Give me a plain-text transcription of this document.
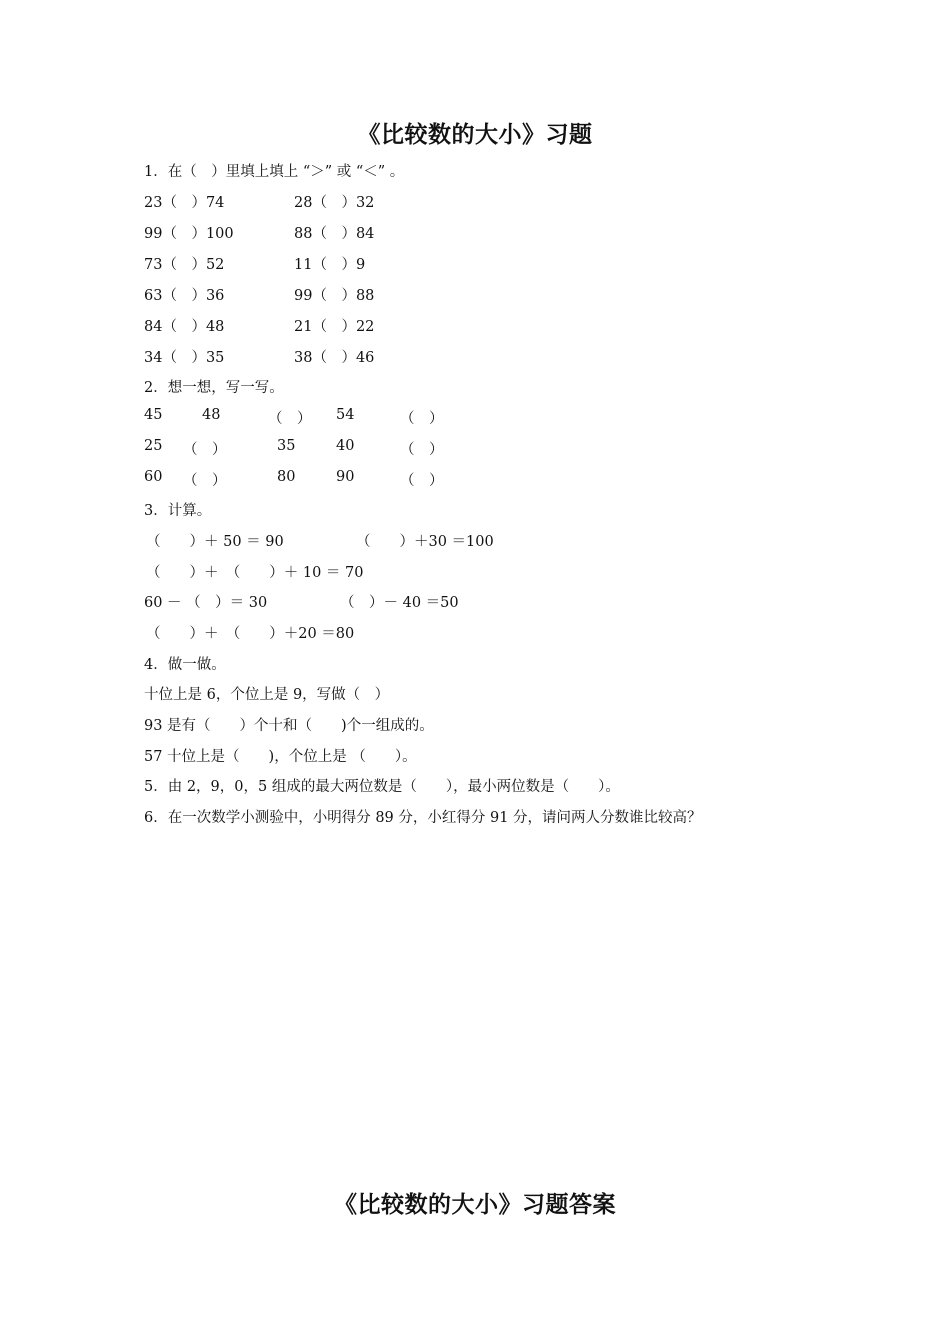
《比较数的大小》习题
1．在（　）里填上填上 “＞” 或 “＜” 。
23（　）74	28（　）32
99（　）100	88（　）84
73（　）52	11（　）9
63（　）36	99（　）88
84（　）48	21（　）22
34（　）35	38（　）46
2．想一想，写一写。
45	48	（　） 54	（　）
25 （　）	35	40	（　）
60 （　）	80	90	（　）
3．计算。
（　　）＋ 50 ＝ 90	（　　）＋30 ＝100
（　　）＋　（　　）＋ 10 ＝ 70
60 － （　）＝ 30	（　）－ 40 ＝50
（　　）＋　（　　）＋20 ＝80
4．做一做。
十位上是 6，个位上是 9，写做（　）
93 是有（　　）个十和（　　)个一组成的。
57 十位上是（　　)，个位上是 （　　）。
5．由 2，9，0，5 组成的最大两位数是（　　），最小两位数是（　　）。
6．在一次数学小测验中，小明得分 89 分，小红得分 91 分，请问两人分数谁比较高？
《比较数的大小》习题答案
